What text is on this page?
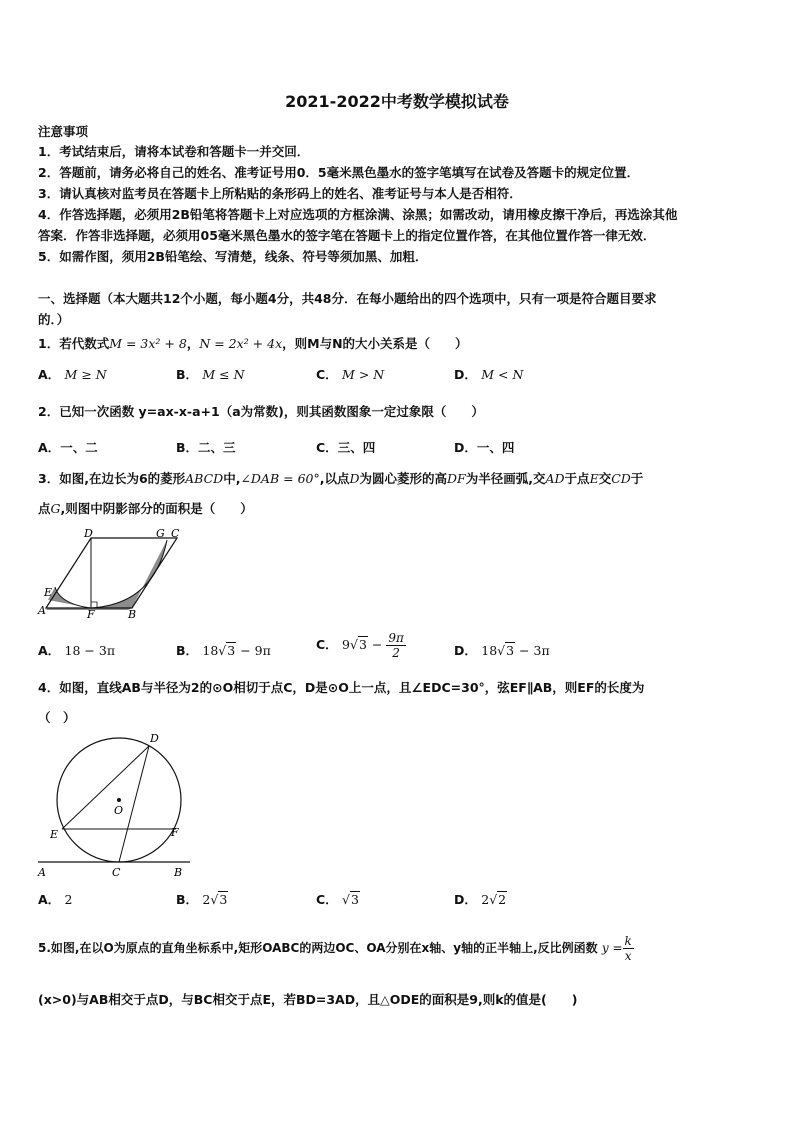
2021-2022中考数学模拟试卷
注意事项
1．考试结束后，请将本试卷和答题卡一并交回．
2．答题前，请务必将自己的姓名、准考证号用0．5毫米黑色墨水的签字笔填写在试卷及答题卡的规定位置．
3．请认真核对监考员在答题卡上所粘贴的条形码上的姓名、准考证号与本人是否相符．
4．作答选择题，必须用2B铅笔将答题卡上对应选项的方框涂满、涂黑；如需改动，请用橡皮擦干净后，再选涂其他
答案．作答非选择题，必须用05毫米黑色墨水的签字笔在答题卡上的指定位置作答，在其他位置作答一律无效．
5．如需作图，须用2B铅笔绘、写清楚，线条、符号等须加黑、加粗．
一、选择题（本大题共12个小题，每小题4分，共48分．在每小题给出的四个选项中，只有一项是符合题目要求
的．）
1．若代数式M = 3x² + 8，N = 2x² + 4x，则M与N的大小关系是（　　）
A． M ≥ N	B． M ≤ N	C． M > N	D． M < N
2．已知一次函数 y=ax-x-a+1（a为常数)，则其函数图象一定过象限（　　）
A．一、二	B．二、三	C．三、四	D．一、四
3．如图,在边长为6的菱形ABCD中,∠DAB = 60°,以点D为圆心菱形的高DF为半径画弧,交AD于点E交CD于
点G,则图中阴影部分的面积是（　　）
D	G C
E
A	F	B
A． 18 − 3π	B． 18√3 − 9π	C． $9√3 - \frac{9\pi}{2}$	D． 18√3 − 3π
4．如图，直线AB与半径为2的⊙O相切于点C，D是⊙O上一点，且∠EDC=30°，弦EF∥AB，则EF的长度为
（　）
D
O
E	F
A	C	B
A． 2	B． 2√3	C． √3	D． 2√2
5.如图,在以O为原点的直角坐标系中,矩形OABC的两边OC、OA分别在x轴、y轴的正半轴上,反比例函数 $y = \frac{k}{x}$
(x>0)与AB相交于点D，与BC相交于点E，若BD=3AD，且△ODE的面积是9,则k的值是(　　)
